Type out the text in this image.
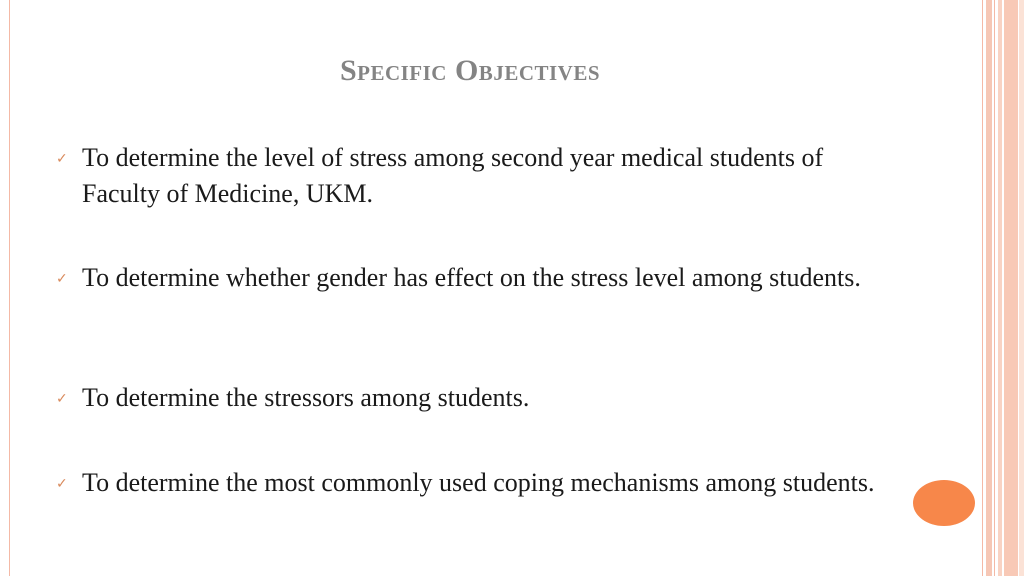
Specific Objectives
✓ To determine the level of stress among second year medical students of Faculty of Medicine, UKM.
✓ To determine whether gender has effect on the stress level among students.
✓ To determine the stressors among students.
✓ To determine the most commonly used coping mechanisms among students.
